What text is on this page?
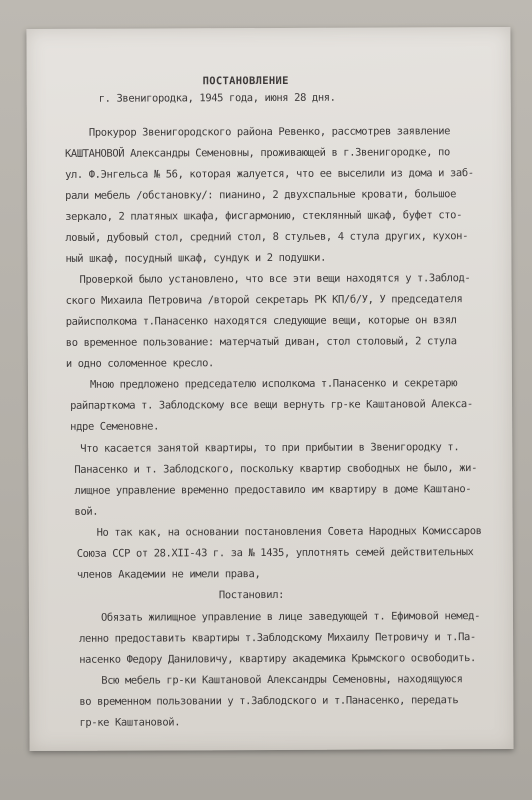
ПОСТАНОВЛЕНИЕ
г. Звенигородка, 1945 года, июня 28 дня.
Прокурор Звенигородского района Ревенко, рассмотрев заявление
КАШТАНОВОЙ Александры Семеновны, проживающей в г.Звенигородке, по
ул. Ф.Энгельса № 56, которая жалуется, что ее выселили из дома и заб-
рали мебель /обстановку/: пианино, 2 двухспальные кровати, большое
зеркало, 2 платяных шкафа, фисгармонию, стеклянный шкаф, буфет сто-
ловый, дубовый стол, средний стол, 8 стульев, 4 стула других, кухон-
ный шкаф, посудный шкаф, сундук и 2 подушки.
Проверкой было установлено, что все эти вещи находятся у т.Заблод-
ского Михаила Петровича /второй секретарь РК КП/б/У, У председателя
райисполкома т.Панасенко находятся следующие вещи, которые он взял
во временное пользование: матерчатый диван, стол столовый, 2 стула
и одно соломенное кресло.
Мною предложено председателю исполкома т.Панасенко и секретарю
райпарткома т. Заблодскому все вещи вернуть гр-ке Каштановой Алекса-
ндре Семеновне.
Что касается занятой квартиры, то при прибытии в Звенигородку т.
Панасенко и т. Заблодского, поскольку квартир свободных не было, жи-
лищное управление временно предоставило им квартиру в доме Каштано-
вой.
Но так как, на основании постановления Совета Народных Комиссаров
Союза ССР от 28.XII-43 г. за № 1435, уплотнять семей действительных
членов Академии не имели права,
Постановил:
Обязать жилищное управление в лице заведующей т. Ефимовой немед-
ленно предоставить квартиры т.Заблодскому Михаилу Петровичу и т.Па-
насенко Федору Даниловичу, квартиру академика Крымского освободить.
Всю мебель гр-ки Каштановой Александры Семеновны, находящуюся
во временном пользовании у т.Заблодского и т.Панасенко, передать
гр-ке Каштановой.
